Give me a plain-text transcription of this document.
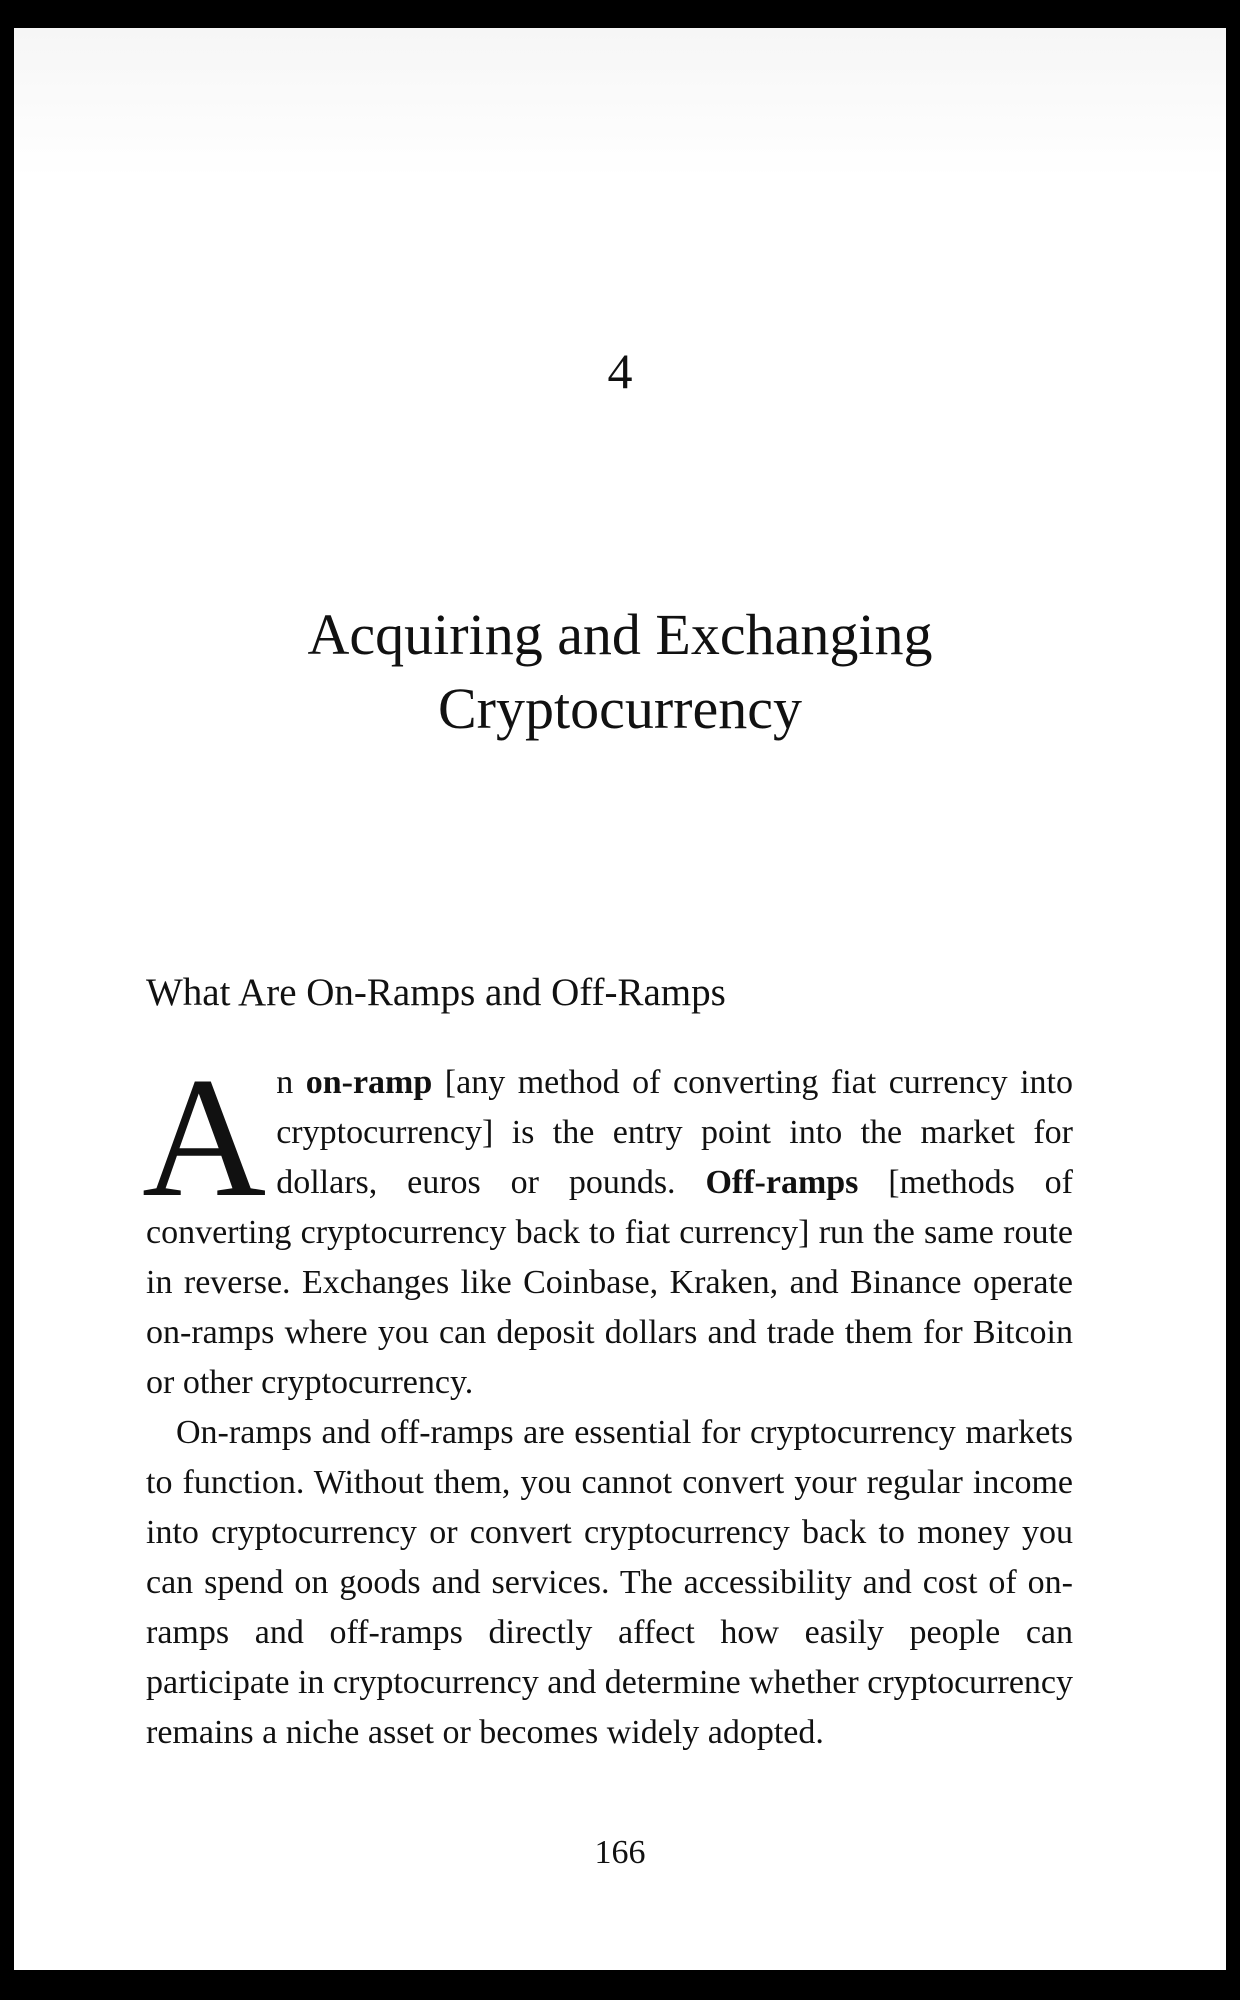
4
Acquiring and Exchanging
Cryptocurrency
What Are On-Ramps and Off-Ramps

An on-ramp [any method of converting fiat currency into cryptocurrency] is the entry point into the market for dollars, euros or pounds. Off-ramps [methods of converting cryptocurrency back to fiat currency] run the same route in reverse. Exchanges like Coinbase, Kraken, and Binance operate on-ramps where you can deposit dollars and trade them for Bitcoin or other cryptocurrency.

On-ramps and off-ramps are essential for cryptocurrency markets to function. Without them, you cannot convert your regular income into cryptocurrency or convert cryptocurrency back to money you can spend on goods and services. The accessibility and cost of on-ramps and off-ramps directly affect how easily people can participate in cryptocurrency and determine whether cryptocurrency remains a niche asset or becomes widely adopted.

166
